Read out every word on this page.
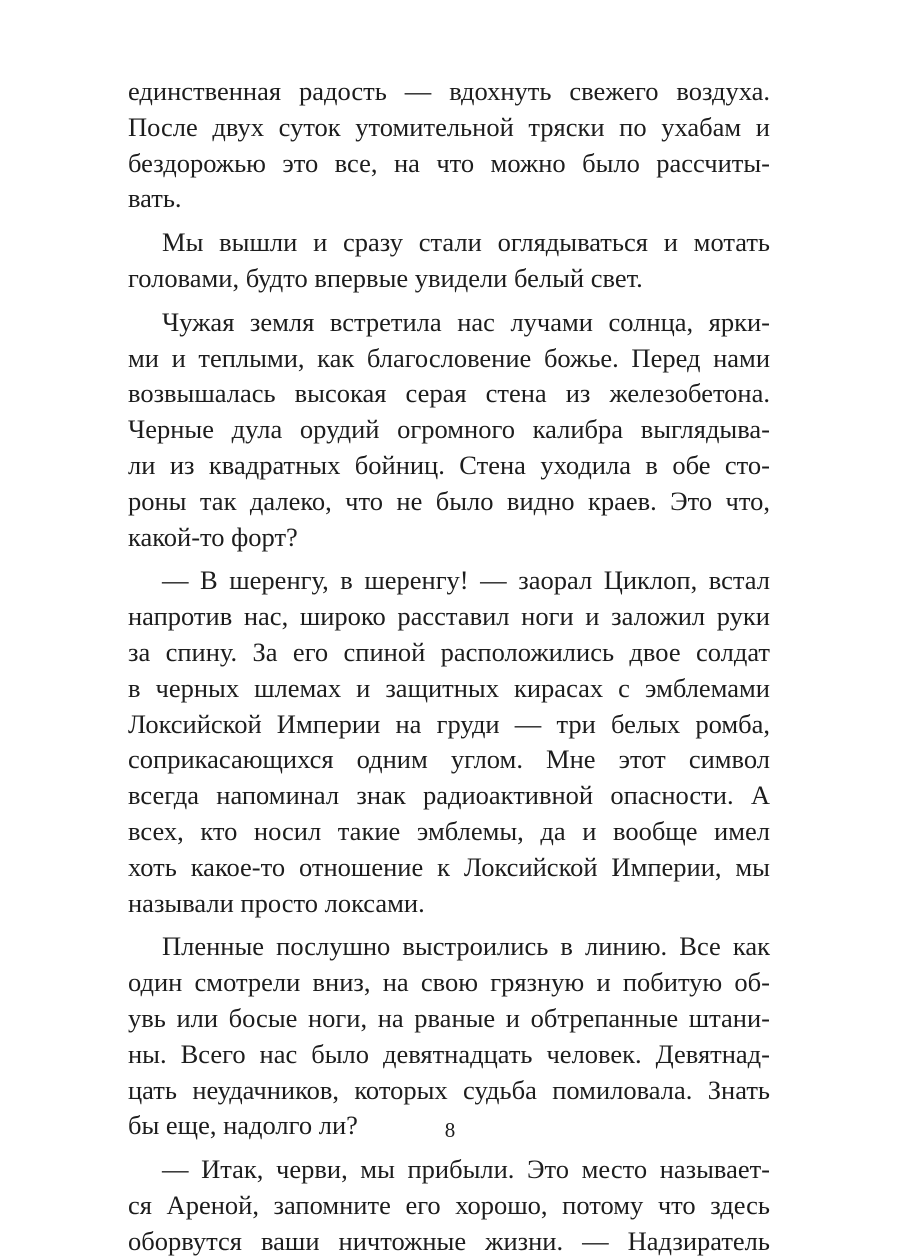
единственная радость — вдохнуть свежего воздуха.
После двух суток утомительной тряски по ухабам и
бездорожью это все, на что можно было рассчиты-
вать.
Мы вышли и сразу стали оглядываться и мотать
головами, будто впервые увидели белый свет.
Чужая земля встретила нас лучами солнца, ярки-
ми и теплыми, как благословение божье. Перед нами
возвышалась высокая серая стена из железобетона.
Черные дула орудий огромного калибра выглядыва-
ли из квадратных бойниц. Стена уходила в обе сто-
роны так далеко, что не было видно краев. Это что,
какой-то форт?
— В шеренгу, в шеренгу! — заорал Циклоп, встал
напротив нас, широко расставил ноги и заложил руки
за спину. За его спиной расположились двое солдат
в черных шлемах и защитных кирасах с эмблемами
Локсийской Империи на груди — три белых ромба,
соприкасающихся одним углом. Мне этот символ
всегда напоминал знак радиоактивной опасности. А
всех, кто носил такие эмблемы, да и вообще имел
хоть какое-то отношение к Локсийской Империи, мы
называли просто локсами.
Пленные послушно выстроились в линию. Все как
один смотрели вниз, на свою грязную и побитую об-
увь или босые ноги, на рваные и обтрепанные штани-
ны. Всего нас было девятнадцать человек. Девятнад-
цать неудачников, которых судьба помиловала. Знать
бы еще, надолго ли?
— Итак, черви, мы прибыли. Это место называет-
ся Ареной, запомните его хорошо, потому что здесь
оборвутся ваши ничтожные жизни. — Надзиратель
8
